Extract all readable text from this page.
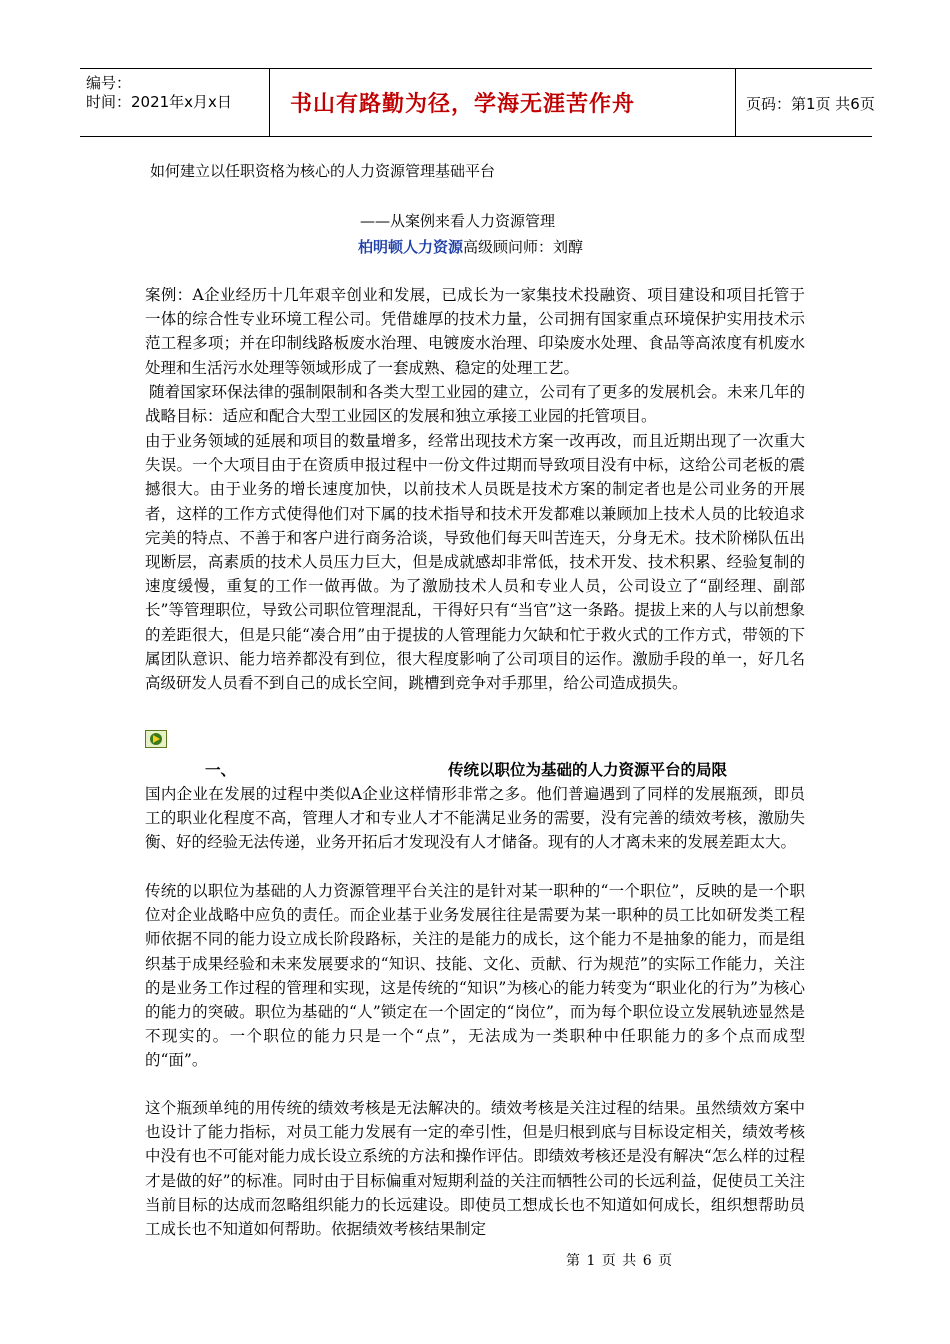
编号：
时间：2021年x月x日	书山有路勤为径，学海无涯苦作舟	页码：第1页 共6页
如何建立以任职资格为核心的人力资源管理基础平台
——从案例来看人力资源管理
柏明顿人力资源高级顾问师：刘醇
案例：A企业经历十几年艰辛创业和发展，已成长为一家集技术投融资、项目建设和项目托管于一体的综合性专业环境工程公司。凭借雄厚的技术力量，公司拥有国家重点环境保护实用技术示范工程多项；并在印制线路板废水治理、电镀废水治理、印染废水处理、食品等高浓度有机废水处理和生活污水处理等领域形成了一套成熟、稳定的处理工艺。
随着国家环保法律的强制限制和各类大型工业园的建立，公司有了更多的发展机会。未来几年的战略目标：适应和配合大型工业园区的发展和独立承接工业园的托管项目。
由于业务领域的延展和项目的数量增多，经常出现技术方案一改再改，而且近期出现了一次重大失误。一个大项目由于在资质申报过程中一份文件过期而导致项目没有中标，这给公司老板的震撼很大。由于业务的增长速度加快，以前技术人员既是技术方案的制定者也是公司业务的开展者，这样的工作方式使得他们对下属的技术指导和技术开发都难以兼顾加上技术人员的比较追求完美的特点、不善于和客户进行商务洽谈，导致他们每天叫苦连天，分身无术。技术阶梯队伍出现断层，高素质的技术人员压力巨大，但是成就感却非常低，技术开发、技术积累、经验复制的速度缓慢，重复的工作一做再做。为了激励技术人员和专业人员，公司设立了“副经理、副部长”等管理职位，导致公司职位管理混乱，干得好只有“当官”这一条路。提拔上来的人与以前想象的差距很大，但是只能“凑合用”由于提拔的人管理能力欠缺和忙于救火式的工作方式，带领的下属团队意识、能力培养都没有到位，很大程度影响了公司项目的运作。激励手段的单一，好几名高级研发人员看不到自己的成长空间，跳槽到竞争对手那里，给公司造成损失。
一、	传统以职位为基础的人力资源平台的局限
国内企业在发展的过程中类似A企业这样情形非常之多。他们普遍遇到了同样的发展瓶颈，即员工的职业化程度不高，管理人才和专业人才不能满足业务的需要，没有完善的绩效考核，激励失衡、好的经验无法传递，业务开拓后才发现没有人才储备。现有的人才离未来的发展差距太大。
传统的以职位为基础的人力资源管理平台关注的是针对某一职种的“一个职位”，反映的是一个职位对企业战略中应负的责任。而企业基于业务发展往往是需要为某一职种的员工比如研发类工程师依据不同的能力设立成长阶段路标，关注的是能力的成长，这个能力不是抽象的能力，而是组织基于成果经验和未来发展要求的“知识、技能、文化、贡献、行为规范”的实际工作能力，关注的是业务工作过程的管理和实现，这是传统的“知识”为核心的能力转变为“职业化的行为”为核心的能力的突破。职位为基础的“人”锁定在一个固定的“岗位”，而为每个职位设立发展轨迹显然是不现实的。一个职位的能力只是一个“点”，无法成为一类职种中任职能力的多个点而成型的“面”。
这个瓶颈单纯的用传统的绩效考核是无法解决的。绩效考核是关注过程的结果。虽然绩效方案中也设计了能力指标，对员工能力发展有一定的牵引性，但是归根到底与目标设定相关，绩效考核中没有也不可能对能力成长设立系统的方法和操作评估。即绩效考核还是没有解决“怎么样的过程才是做的好”的标准。同时由于目标偏重对短期利益的关注而牺牲公司的长远利益，促使员工关注当前目标的达成而忽略组织能力的长远建设。即使员工想成长也不知道如何成长，组织想帮助员工成长也不知道如何帮助。依据绩效考核结果制定
第 1 页 共 6 页
